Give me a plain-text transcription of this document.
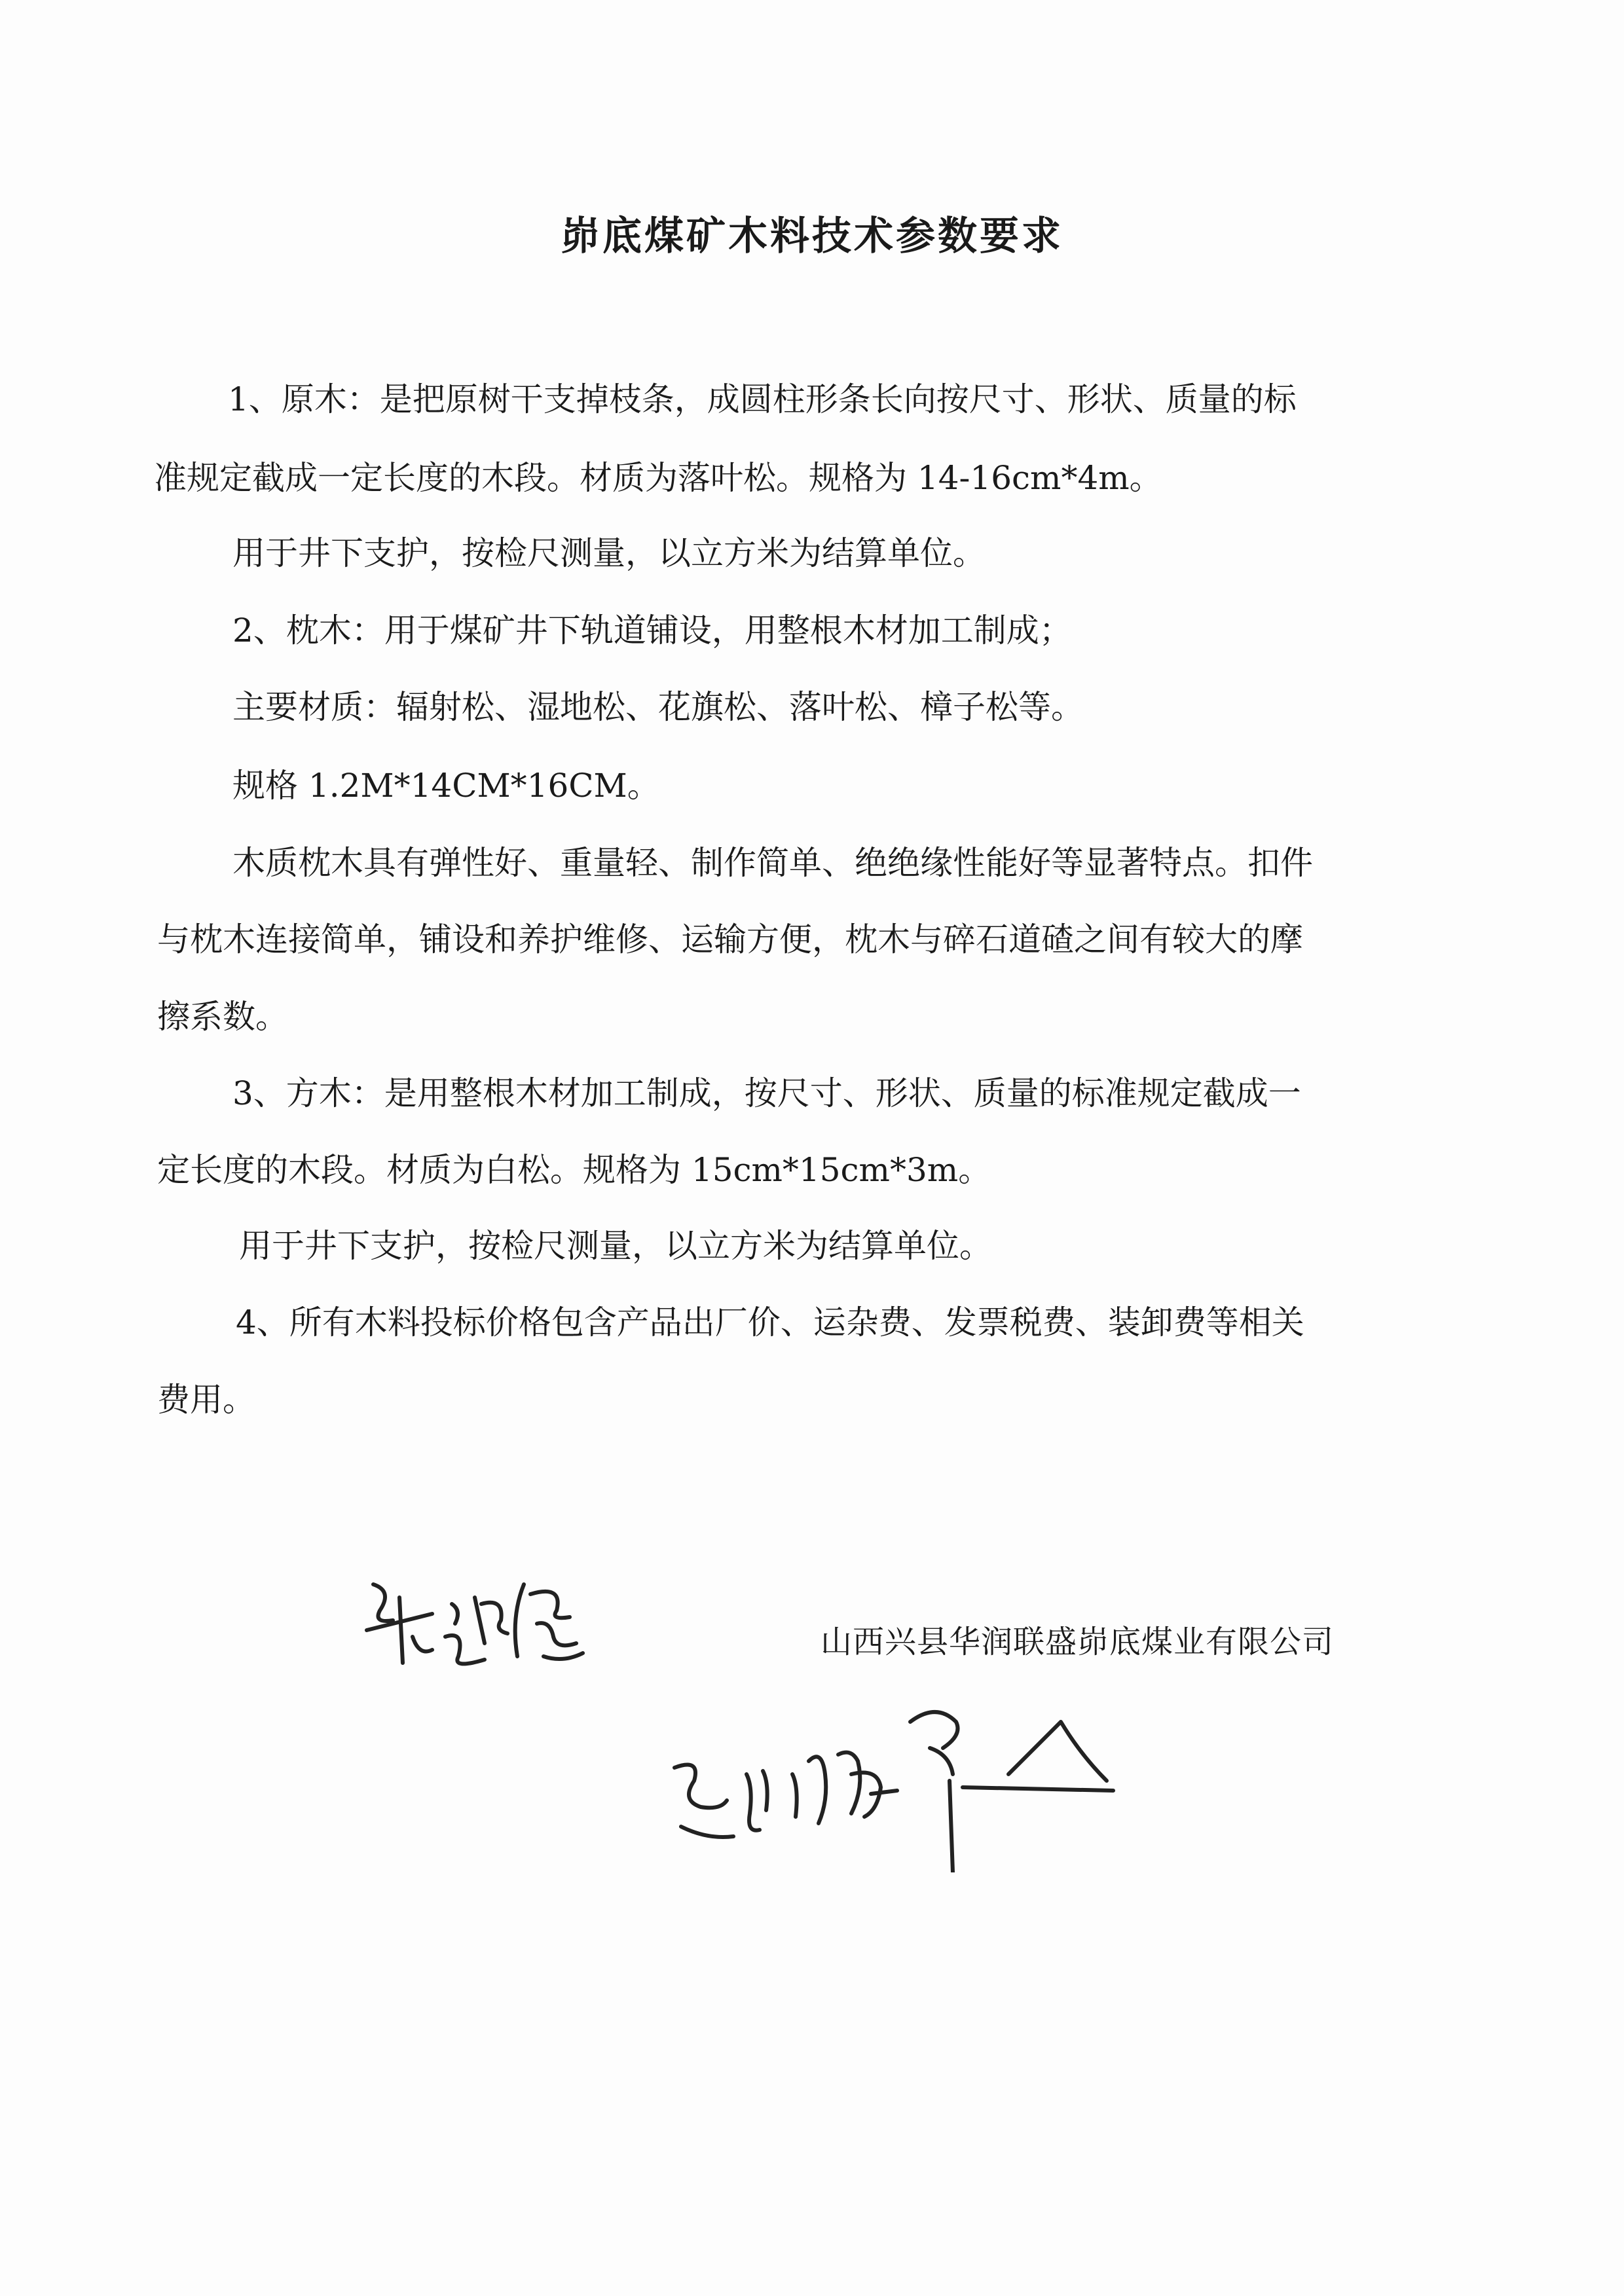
峁底煤矿木料技术参数要求

1、原木：是把原树干支掉枝条，成圆柱形条长向按尺寸、形状、质量的标

准规定截成一定长度的木段。材质为落叶松。规格为 14-16cm*4m。

用于井下支护，按检尺测量，以立方米为结算单位。

2、枕木：用于煤矿井下轨道铺设，用整根木材加工制成；

主要材质：辐射松、湿地松、花旗松、落叶松、樟子松等。

规格 1.2M*14CM*16CM。

木质枕木具有弹性好、重量轻、制作简单、绝绝缘性能好等显著特点。扣件

与枕木连接简单，铺设和养护维修、运输方便，枕木与碎石道碴之间有较大的摩

擦系数。

3、方木：是用整根木材加工制成，按尺寸、形状、质量的标准规定截成一

定长度的木段。材质为白松。规格为 15cm*15cm*3m。

用于井下支护，按检尺测量，以立方米为结算单位。

4、所有木料投标价格包含产品出厂价、运杂费、发票税费、装卸费等相关

费用。

山西兴县华润联盛峁底煤业有限公司
